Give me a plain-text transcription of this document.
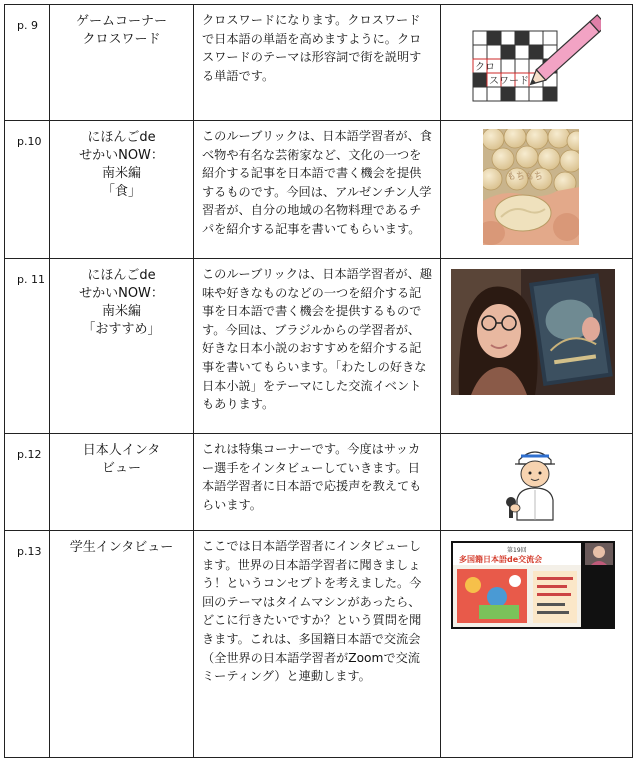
p. 9	ゲームコーナー
クロスワード	クロスワードになります。クロスワードで日本語の単語を高めますように。クロスワードのテーマは形容詞で街を説明する単語です。	クロ
スワード

p.10	にほんごde
せかいNOW：
南米編
「食」	このルーブリックは、日本語学習者が、食べ物や有名な芸術家など、文化の一つを紹介する記事を日本語で書く機会を提供するものです。今回は、アルゼンチン人学習者が、自分の地域の名物料理であるチパを紹介する記事を書いてもらいます。	もちもち

p. 11	にほんごde
せかいNOW：
南米編
「おすすめ」	このルーブリックは、日本語学習者が、趣味や好きなものなどの一つを紹介する記事を日本語で書く機会を提供するものです。今回は、ブラジルからの学習者が、好きな日本小説のおすすめを紹介する記事を書いてもらいます。「わたしの好きな日本小説」をテーマにした交流イベントもあります。	

p.12	日本人インタ
ビュー	これは特集コーナーです。今度はサッカー選手をインタビューしていきます。日本語学習者に日本語で応援声を教えてもらいます。	

p.13	学生インタビュー	ここでは日本語学習者にインタビューします。世界の日本語学習者に聞きましょう！というコンセプトを考えました。今回のテーマはタイムマシンがあったら、どこに行きたいですか？という質問を聞きます。これは、多国籍日本語で交流会（全世界の日本語学習者がZoomで交流ミーティング）と連動します。	第19回
多国籍日本語de交流会
